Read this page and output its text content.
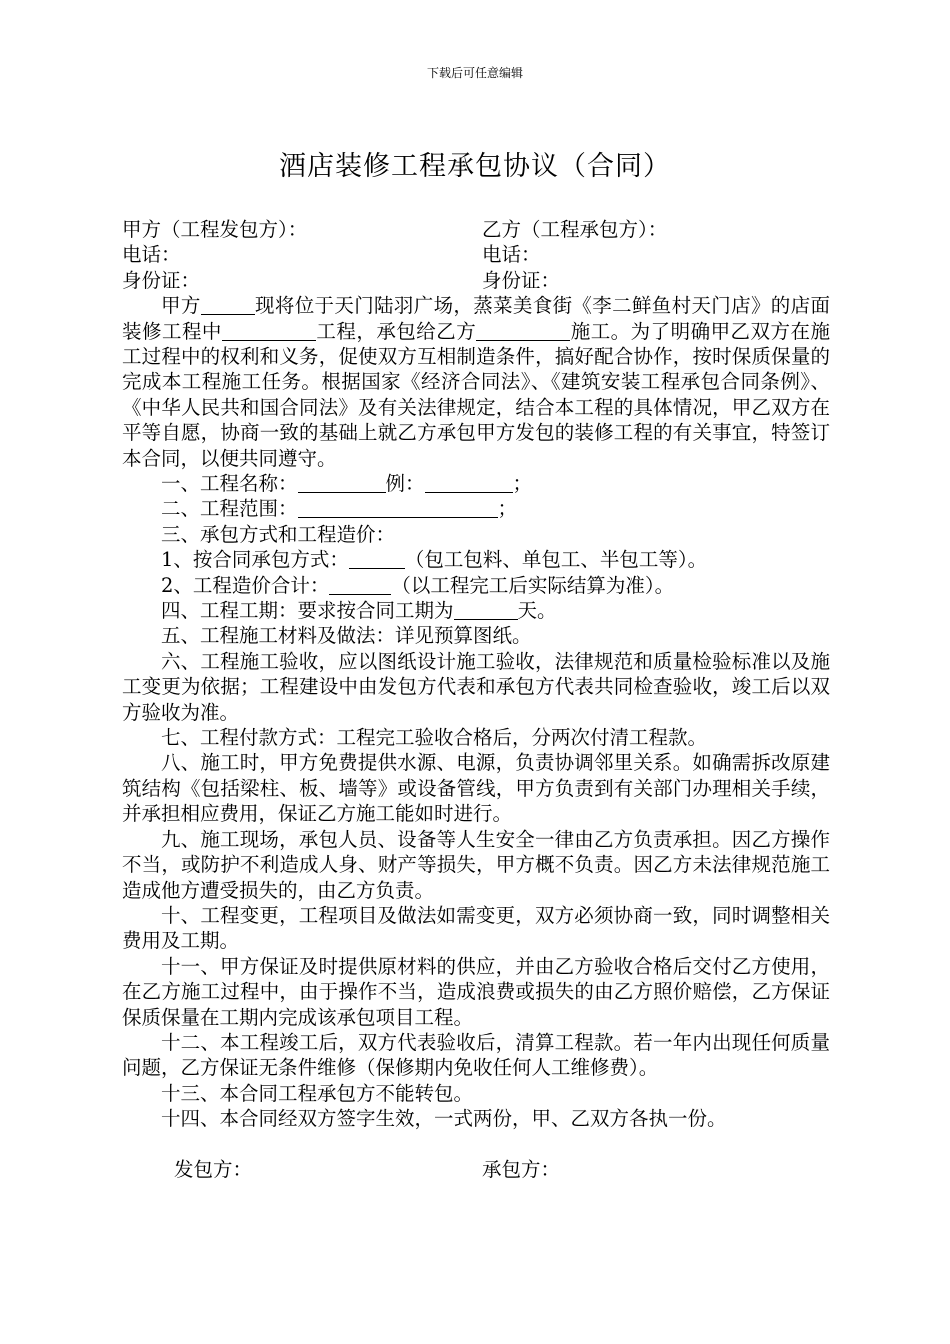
下载后可任意编辑
酒店装修工程承包协议（合同）
甲方（工程发包方）：	乙方（工程承包方）：
电话：	电话：
身份证：	身份证：
甲方	现将位于天门陆羽广场，蒸菜美食街《李二鲜鱼村天门店》的店面装修工程中	工程，承包给乙方	施工。为了明确甲乙双方在施工过程中的权利和义务，促使双方互相制造条件，搞好配合协作，按时保质保量的完成本工程施工任务。根据国家《经济合同法》、《建筑安装工程承包合同条例》、《中华人民共和国合同法》及有关法律规定，结合本工程的具体情况，甲乙双方在平等自愿，协商一致的基础上就乙方承包甲方发包的装修工程的有关事宜，特签订本合同，以便共同遵守。
一、工程名称：	例：	；
二、工程范围：	；
三、承包方式和工程造价：
1、按合同承包方式：	（包工包料、单包工、半包工等）。
2、工程造价合计：	（以工程完工后实际结算为准）。
四、工程工期：要求按合同工期为	天。
五、工程施工材料及做法：详见预算图纸。
六、工程施工验收，应以图纸设计施工验收，法律规范和质量检验标准以及施工变更为依据；工程建设中由发包方代表和承包方代表共同检查验收，竣工后以双方验收为准。
七、工程付款方式：工程完工验收合格后，分两次付清工程款。
八、施工时，甲方免费提供水源、电源，负责协调邻里关系。如确需拆改原建筑结构《包括梁柱、板、墙等》或设备管线，甲方负责到有关部门办理相关手续，并承担相应费用，保证乙方施工能如时进行。
九、施工现场，承包人员、设备等人生安全一律由乙方负责承担。因乙方操作不当，或防护不利造成人身、财产等损失，甲方概不负责。因乙方未法律规范施工造成他方遭受损失的，由乙方负责。
十、工程变更，工程项目及做法如需变更，双方必须协商一致，同时调整相关费用及工期。
十一、甲方保证及时提供原材料的供应，并由乙方验收合格后交付乙方使用，在乙方施工过程中，由于操作不当，造成浪费或损失的由乙方照价赔偿，乙方保证保质保量在工期内完成该承包项目工程。
十二、本工程竣工后，双方代表验收后，清算工程款。若一年内出现任何质量问题，乙方保证无条件维修（保修期内免收任何人工维修费）。
十三、本合同工程承包方不能转包。
十四、本合同经双方签字生效，一式两份，甲、乙双方各执一份。
发包方：	承包方：
